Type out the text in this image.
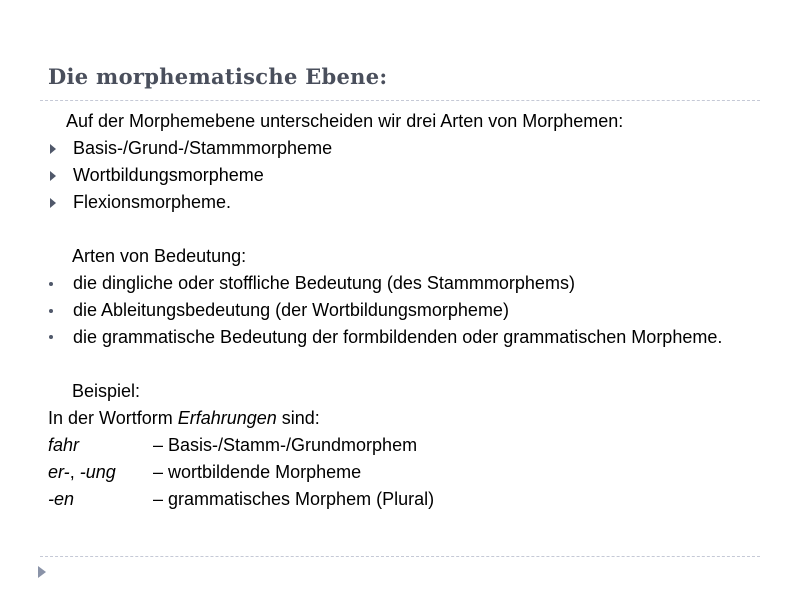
Die morphematische Ebene:
Auf der Morphemebene unterscheiden wir drei Arten von Morphemen:
Basis-/Grund-/Stammmorpheme
Wortbildungsmorpheme
Flexionsmorpheme.
Arten von Bedeutung:
die dingliche oder stoffliche Bedeutung (des Stammmorphems)
die Ableitungsbedeutung (der Wortbildungsmorpheme)
die grammatische Bedeutung der formbildenden oder grammatischen Morpheme.
Beispiel:
In der Wortform Erfahrungen sind:
fahr	– Basis-/Stamm-/Grundmorphem
er-, -ung	– wortbildende Morpheme
-en	– grammatisches Morphem (Plural)
